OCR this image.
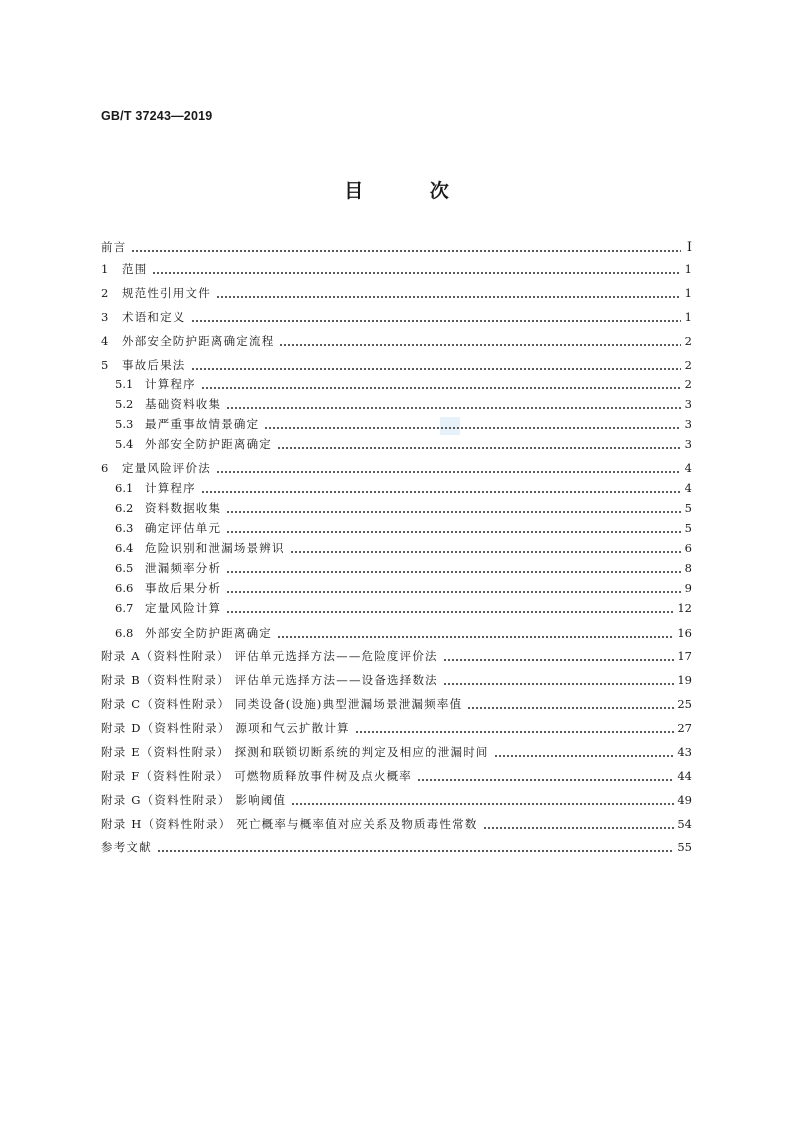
GB/T 37243—2019
目 次
前言	I
1	范围	1
2	规范性引用文件	1
3	术语和定义	1
4	外部安全防护距离确定流程	2
5	事故后果法	2
5.1	计算程序	2
5.2	基础资料收集	3
5.3	最严重事故情景确定	3
5.4	外部安全防护距离确定	3
6	定量风险评价法	4
6.1	计算程序	4
6.2	资料数据收集	5
6.3	确定评估单元	5
6.4	危险识别和泄漏场景辨识	6
6.5	泄漏频率分析	8
6.6	事故后果分析	9
6.7	定量风险计算	12
6.8	外部安全防护距离确定	16
附录 A（资料性附录） 评估单元选择方法——危险度评价法	17
附录 B（资料性附录） 评估单元选择方法——设备选择数法	19
附录 C（资料性附录） 同类设备(设施)典型泄漏场景泄漏频率值	25
附录 D（资料性附录） 源项和气云扩散计算	27
附录 E（资料性附录） 探测和联锁切断系统的判定及相应的泄漏时间	43
附录 F（资料性附录） 可燃物质释放事件树及点火概率	44
附录 G（资料性附录） 影响阈值	49
附录 H（资料性附录） 死亡概率与概率值对应关系及物质毒性常数	54
参考文献	55
